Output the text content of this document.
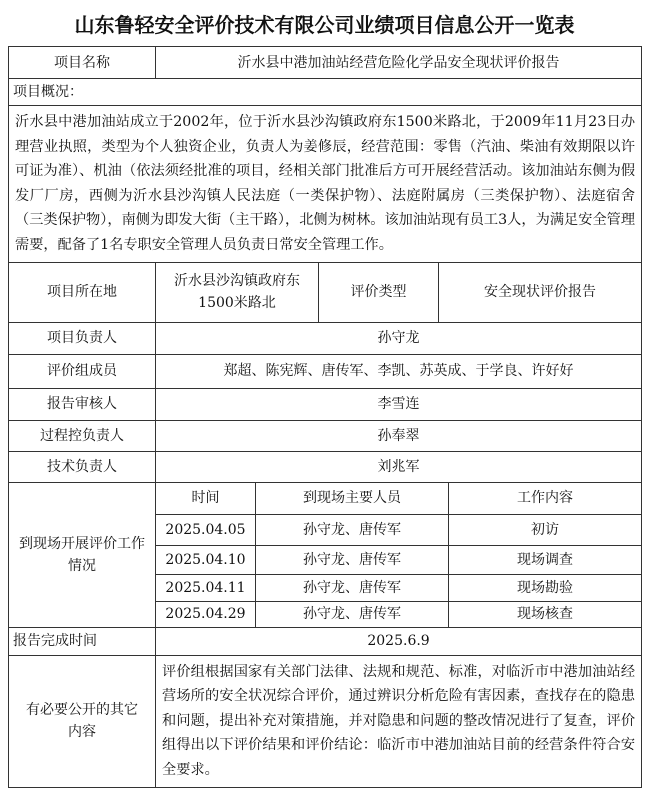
山东鲁轻安全评价技术有限公司业绩项目信息公开一览表
项目名称	沂水县中港加油站经营危险化学品安全现状评价报告				
项目概况：					
沂水县中港加油站成立于2002年，位于沂水县沙沟镇政府东1500米路北，于2009年11月23日办理营业执照，类型为个人独资企业，负责人为姜修辰，经营范围：零售（汽油、柴油有效期限以许可证为准）、机油（依法须经批准的项目，经相关部门批准后方可开展经营活动。该加油站东侧为假发厂厂房，西侧为沂水县沙沟镇人民法庭（一类保护物）、法庭附属房（三类保护物）、法庭宿舍（三类保护物），南侧为即发大街（主干路），北侧为树林。该加油站现有员工3人，为满足安全管理需要，配备了1名专职安全管理人员负责日常安全管理工作。					
项目所在地	沂水县沙沟镇政府东1500米路北		评价类型	安全现状评价报告	
项目负责人	孙守龙				
评价组成员	郑超、陈宪辉、唐传军、李凯、苏英成、于学良、许好好				
报告审核人	李雪连				
过程控负责人	孙奉翠				
技术负责人	刘兆军				
到现场开展评价工作情况	时间	到现场主要人员			工作内容
	2025.04.05	孙守龙、唐传军			初访
	2025.04.10	孙守龙、唐传军			现场调查
	2025.04.11	孙守龙、唐传军			现场勘验
	2025.04.29	孙守龙、唐传军			现场核查
报告完成时间	2025.6.9				
有必要公开的其它内容	评价组根据国家有关部门法律、法规和规范、标准，对临沂市中港加油站经营场所的安全状况综合评价，通过辨识分析危险有害因素，查找存在的隐患和问题，提出补充对策措施，并对隐患和问题的整改情况进行了复查，评价组得出以下评价结果和评价结论：临沂市中港加油站目前的经营条件符合安全要求。				
